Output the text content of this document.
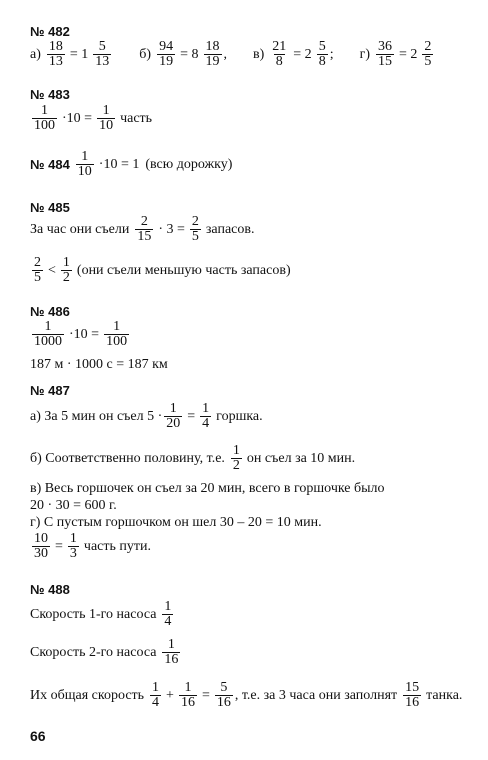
№ 482
$а) \frac{18}{13} = 1$ 5
13 $б) \frac{94}{19} = 8$ 18
19 , $в) \frac{21}{8} = 2$ 5
8 ; $г) \frac{36}{15} = 2$ 2
5
№ 483
1
$100 \cdot 10 = \frac{1}{10}$ часть
№ 484
1
10 ·10 = 1 (всю дорожку)
№ 485
За час они съели 2
$15 \cdot 3 = \frac{2}{5}$ запасов.
2
5 < 1
2 (они съели меньшую часть запасов)
№ 486
1
$1000 \cdot 10 = \frac{1}{100}$
187 м · 1000 с = 187 км
№ 487
а) За 5 мин он съел $5 \cdot \frac{1}{20} = \frac{1}{4}$ горшка.
б) Соответственно половину, т.е. 1
2 он съел за 10 мин.
в) Весь горшочек он съел за 20 мин, всего в горшочке было
20 · 30 = 600 г.
г) С пустым горшочком он шел 30 – 20 = 10 мин.
$\frac{10}{30} = \frac{1}{3}$ часть пути.
№ 488
Скорость 1-го насоса 1
4
Скорость 2-го насоса 1
16
Их общая скорость 1
$4 + \frac{1}{16} = \frac{5}{16}$ , т.е. за 3 часа они заполнят 15
16 танка.
66
